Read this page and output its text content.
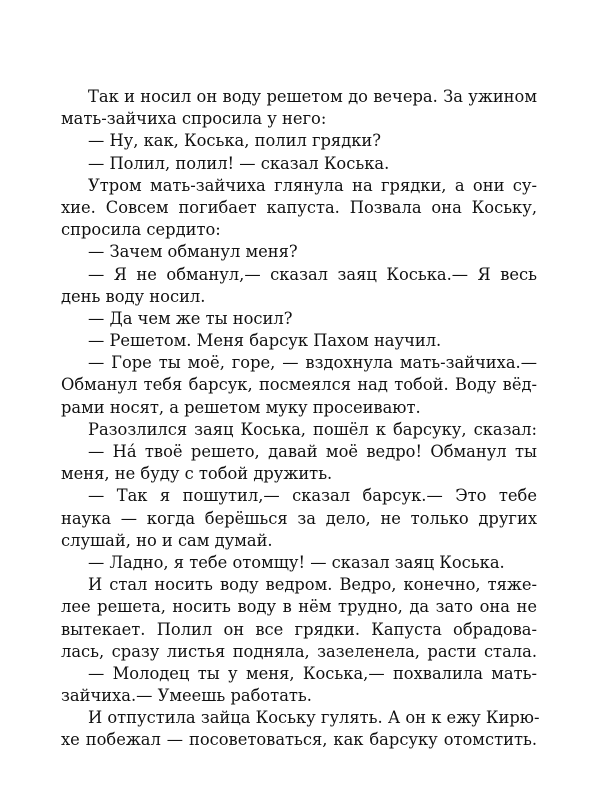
Так и носил он воду решетом до вечера. За ужином
мать-зайчиха спросила у него:
— Ну, как, Коська, полил грядки?
— Полил, полил! — сказал Коська.
Утром мать-зайчиха глянула на грядки, а они су-
хие. Совсем погибает капуста. Позвала она Коську,
спросила сердито:
— Зачем обманул меня?
— Я не обманул,— сказал заяц Коська.— Я весь
день воду носил.
— Да чем же ты носил?
— Решетом. Меня барсук Пахом научил.
— Горе ты моё, горе, — вздохнула мать-зайчиха.—
Обманул тебя барсук, посмеялся над тобой. Воду вёд-
рами носят, а решетом муку просеивают.
Разозлился заяц Коська, пошёл к барсуку, сказал:
— На́ твоё решето, давай моё ведро! Обманул ты
меня, не буду с тобой дружить.
— Так я пошутил,— сказал барсук.— Это тебе
наука — когда берёшься за дело, не только других
слушай, но и сам думай.
— Ладно, я тебе отомщу! — сказал заяц Коська.
И стал носить воду ведром. Ведро, конечно, тяже-
лее решета, носить воду в нём трудно, да зато она не
вытекает. Полил он все грядки. Капуста обрадова-
лась, сразу листья подняла, зазеленела, расти стала.
— Молодец ты у меня, Коська,— похвалила мать-
зайчиха.— Умеешь работать.
И отпустила зайца Коську гулять. А он к ежу Кирю-
хе побежал — посоветоваться, как барсуку отомстить.
